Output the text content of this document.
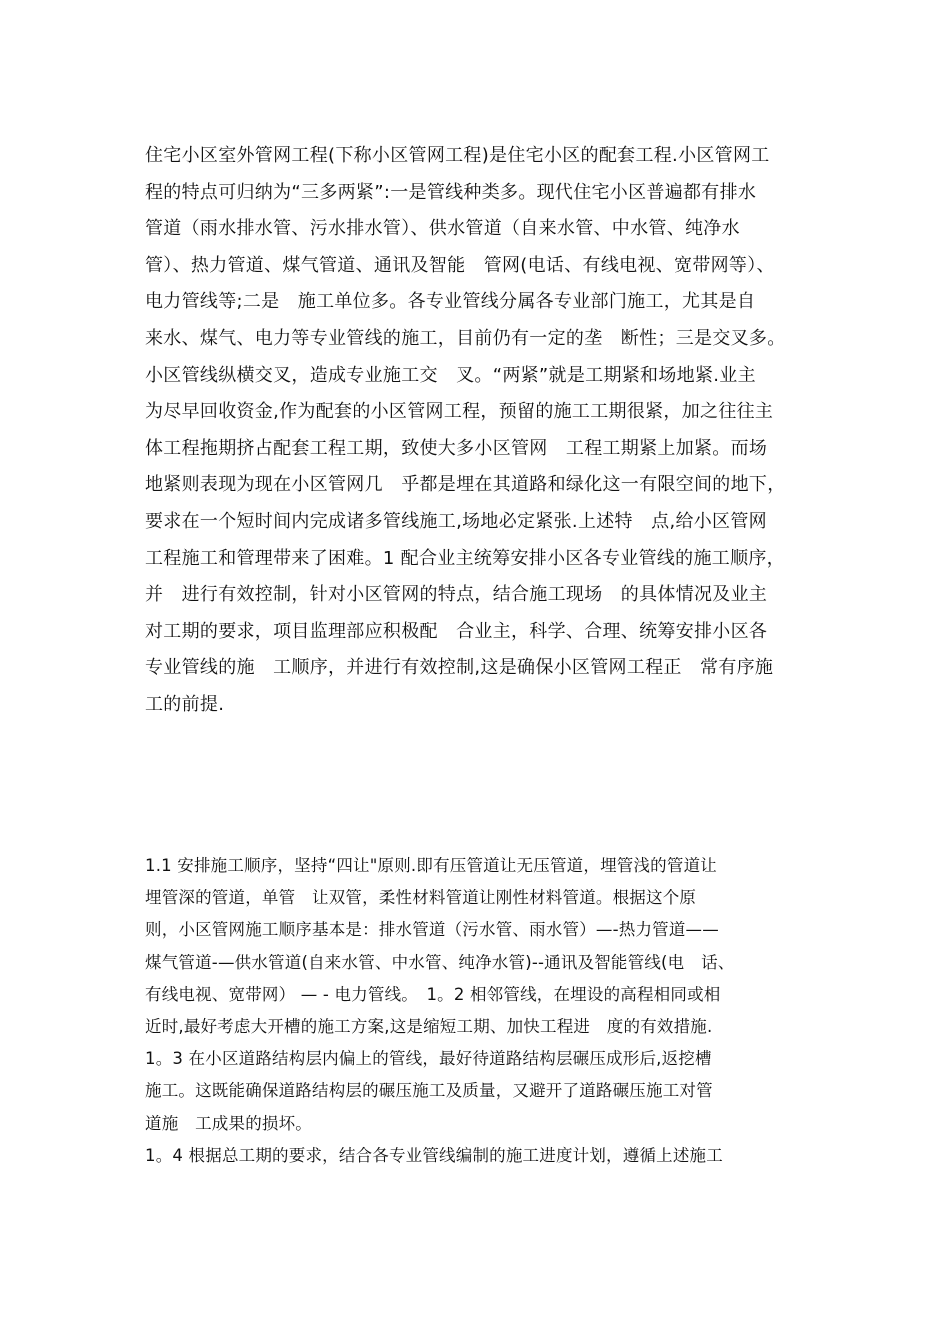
住宅小区室外管网工程(下称小区管网工程)是住宅小区的配套工程.小区管网工
程的特点可归纳为“三多两紧”:一是管线种类多。现代住宅小区普遍都有排水
管道（雨水排水管、污水排水管）、供水管道（自来水管、中水管、纯净水
管）、热力管道、煤气管道、通讯及智能　管网(电话、有线电视、宽带网等）、
电力管线等;二是　施工单位多。各专业管线分属各专业部门施工，尤其是自
来水、煤气、电力等专业管线的施工，目前仍有一定的垄　断性；三是交叉多。
小区管线纵横交叉，造成专业施工交　叉。“两紧”就是工期紧和场地紧.业主
为尽早回收资金,作为配套的小区管网工程，预留的施工工期很紧，加之往往主
体工程拖期挤占配套工程工期，致使大多小区管网　工程工期紧上加紧。而场
地紧则表现为现在小区管网几　乎都是埋在其道路和绿化这一有限空间的地下，
要求在一个短时间内完成诸多管线施工,场地必定紧张.上述特　点,给小区管网
工程施工和管理带来了困难。1 配合业主统筹安排小区各专业管线的施工顺序，
并　进行有效控制，针对小区管网的特点，结合施工现场　的具体情况及业主
对工期的要求，项目监理部应积极配　合业主，科学、合理、统筹安排小区各
专业管线的施　工顺序，并进行有效控制,这是确保小区管网工程正　常有序施
工的前提.
1.1 安排施工顺序，坚持“四让"原则.即有压管道让无压管道，埋管浅的管道让
埋管深的管道，单管　让双管，柔性材料管道让刚性材料管道。根据这个原
则，小区管网施工顺序基本是：排水管道（污水管、雨水管）—-热力管道——
煤气管道-—供水管道(自来水管、中水管、纯净水管)--通讯及智能管线(电　话、
有线电视、宽带网） — - 电力管线。　1。2 相邻管线，在埋设的高程相同或相
近时,最好考虑大开槽的施工方案,这是缩短工期、加快工程进　度的有效措施.
1。3 在小区道路结构层内偏上的管线，最好待道路结构层碾压成形后,返挖槽
施工。这既能确保道路结构层的碾压施工及质量，又避开了道路碾压施工对管
道施　工成果的损坏。
1。4 根据总工期的要求，结合各专业管线编制的施工进度计划，遵循上述施工
